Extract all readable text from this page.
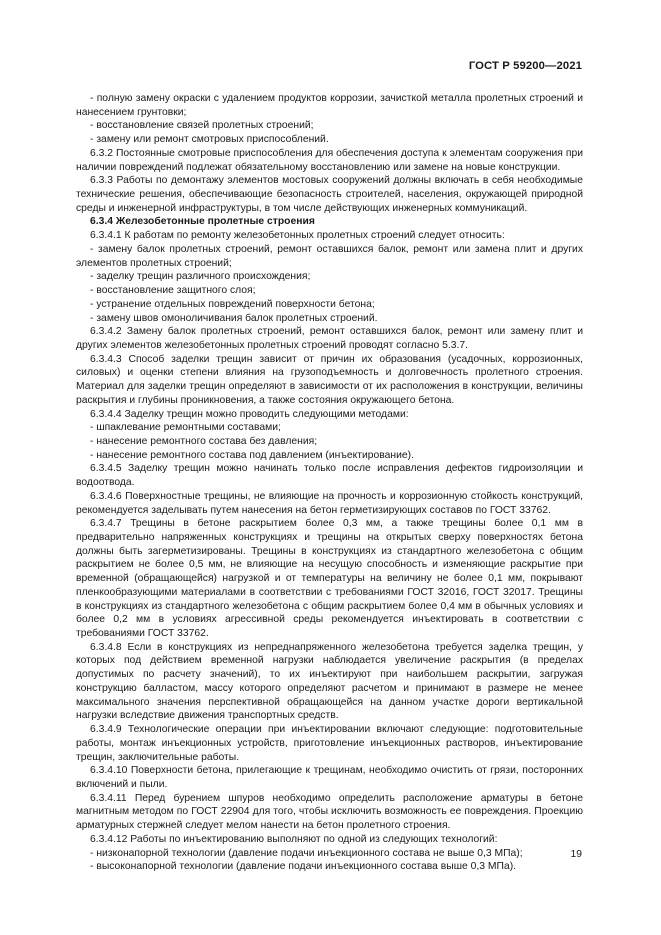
ГОСТ Р 59200—2021

- полную замену окраски с удалением продуктов коррозии, зачисткой металла пролетных строений и нанесением грунтовки;

- восстановление связей пролетных строений;

- замену или ремонт смотровых приспособлений.

6.3.2 Постоянные смотровые приспособления для обеспечения доступа к элементам сооружения при наличии повреждений подлежат обязательному восстановлению или замене на новые конструкции.

6.3.3 Работы по демонтажу элементов мостовых сооружений должны включать в себя необходимые технические решения, обеспечивающие безопасность строителей, населения, окружающей природной среды и инженерной инфраструктуры, в том числе действующих инженерных коммуникаций.

6.3.4 Железобетонные пролетные строения

6.3.4.1 К работам по ремонту железобетонных пролетных строений следует относить:

- замену балок пролетных строений, ремонт оставшихся балок, ремонт или замена плит и других элементов пролетных строений;

- заделку трещин различного происхождения;

- восстановление защитного слоя;

- устранение отдельных повреждений поверхности бетона;

- замену швов омоноличивания балок пролетных строений.

6.3.4.2 Замену балок пролетных строений, ремонт оставшихся балок, ремонт или замену плит и других элементов железобетонных пролетных строений проводят согласно 5.3.7.

6.3.4.3 Способ заделки трещин зависит от причин их образования (усадочных, коррозионных, силовых) и оценки степени влияния на грузоподъемность и долговечность пролетного строения. Материал для заделки трещин определяют в зависимости от их расположения в конструкции, величины раскрытия и глубины проникновения, а также состояния окружающего бетона.

6.3.4.4 Заделку трещин можно проводить следующими методами:

- шпаклевание ремонтными составами;

- нанесение ремонтного состава без давления;

- нанесение ремонтного состава под давлением (инъектирование).

6.3.4.5 Заделку трещин можно начинать только после исправления дефектов гидроизоляции и водоотвода.

6.3.4.6 Поверхностные трещины, не влияющие на прочность и коррозионную стойкость конструкций, рекомендуется заделывать путем нанесения на бетон герметизирующих составов по ГОСТ 33762.

6.3.4.7 Трещины в бетоне раскрытием более 0,3 мм, а также трещины более 0,1 мм в предварительно напряженных конструкциях и трещины на открытых сверху поверхностях бетона должны быть загерметизированы. Трещины в конструкциях из стандартного железобетона с общим раскрытием не более 0,5 мм, не влияющие на несущую способность и изменяющие раскрытие при временной (обращающейся) нагрузкой и от температуры на величину не более 0,1 мм, покрывают пленкообразующими материалами в соответствии с требованиями ГОСТ 32016, ГОСТ 32017. Трещины в конструкциях из стандартного железобетона с общим раскрытием более 0,4 мм в обычных условиях и более 0,2 мм в условиях агрессивной среды рекомендуется инъектировать в соответствии с требованиями ГОСТ 33762.

6.3.4.8 Если в конструкциях из непреднапряженного железобетона требуется заделка трещин, у которых под действием временной нагрузки наблюдается увеличение раскрытия (в пределах допустимых по расчету значений), то их инъектируют при наибольшем раскрытии, загружая конструкцию балластом, массу которого определяют расчетом и принимают в размере не менее максимального значения перспективной обращающейся на данном участке дороги вертикальной нагрузки вследствие движения транспортных средств.

6.3.4.9 Технологические операции при инъектировании включают следующие: подготовительные работы, монтаж инъекционных устройств, приготовление инъекционных растворов, инъектирование трещин, заключительные работы.

6.3.4.10 Поверхности бетона, прилегающие к трещинам, необходимо очистить от грязи, посторонних включений и пыли.

6.3.4.11 Перед бурением шпуров необходимо определить расположение арматуры в бетоне магнитным методом по ГОСТ 22904 для того, чтобы исключить возможность ее повреждения. Проекцию арматурных стержней следует мелом нанести на бетон пролетного строения.

6.3.4.12 Работы по инъектированию выполняют по одной из следующих технологий:

- низконапорной технологии (давление подачи инъекционного состава не выше 0,3 МПа);

- высоконапорной технологии (давление подачи инъекционного состава выше 0,3 МПа).

19
